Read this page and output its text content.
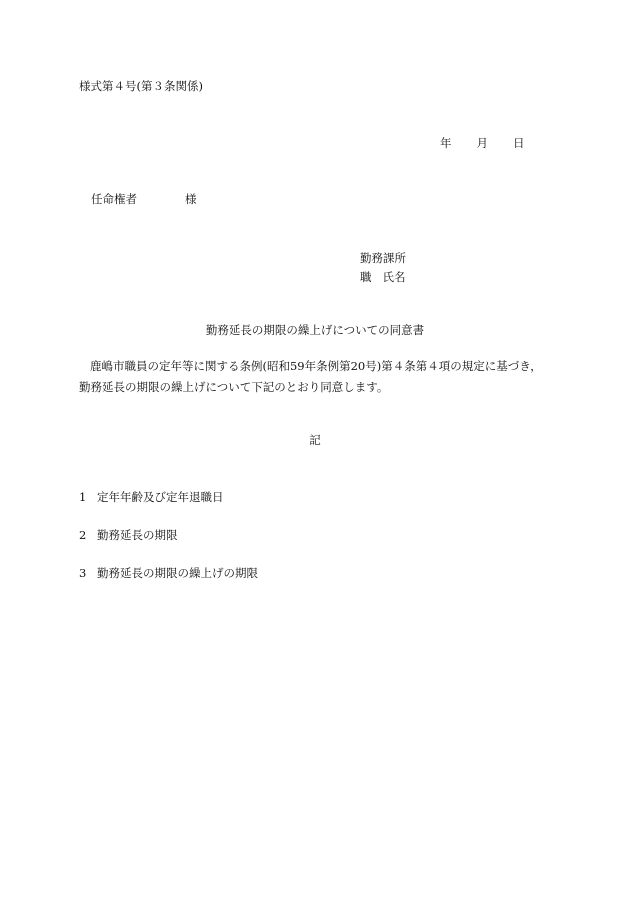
様式第４号(第３条関係)
年 月 日
任命権者	様
勤務課所
職 氏名
勤務延長の期限の繰上げについての同意書
鹿嶋市職員の定年等に関する条例(昭和59年条例第20号)第４条第４項の規定に基づき，
勤務延長の期限の繰上げについて下記のとおり同意します。
記
1 定年年齢及び定年退職日
2 勤務延長の期限
3 勤務延長の期限の繰上げの期限
